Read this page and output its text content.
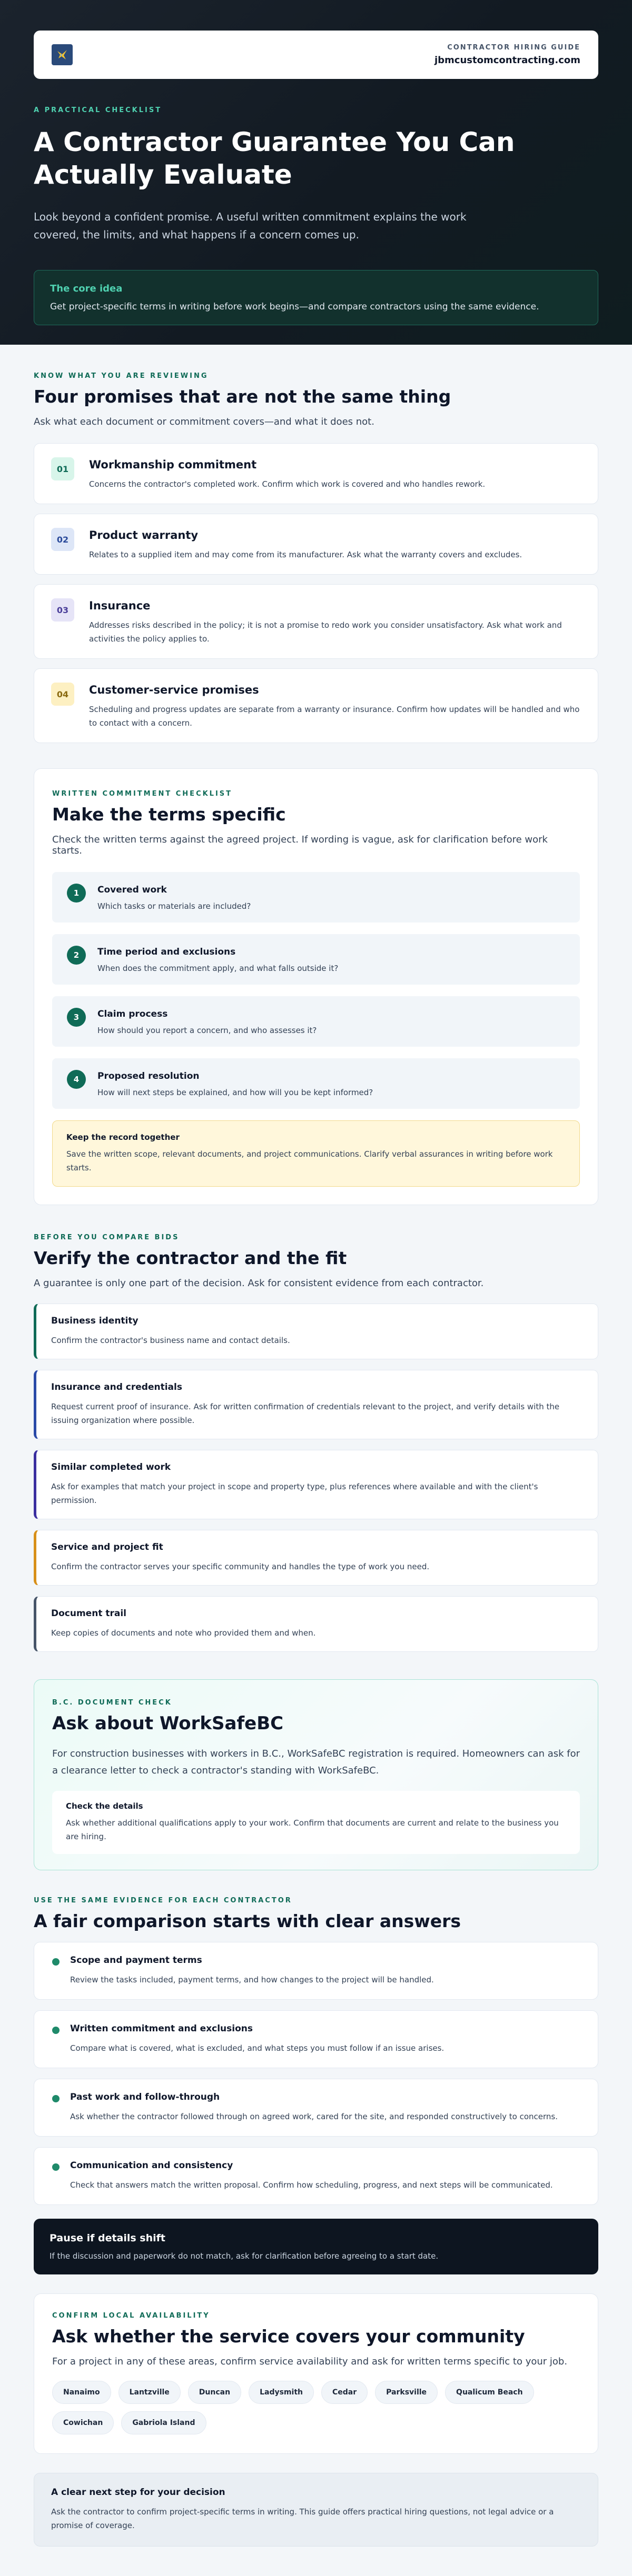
CONTRACTOR HIRING GUIDE
jbmcustomcontracting.com
A PRACTICAL CHECKLIST
A Contractor Guarantee You Can Actually Evaluate

Look beyond a confident promise. A useful written commitment explains the work covered, the limits, and what happens if a concern comes up.

The core idea
Get project-specific terms in writing before work begins—and compare contractors using the same evidence.
KNOW WHAT YOU ARE REVIEWING
Four promises that are not the same thing
Ask what each document or commitment covers—and what it does not.
01	Workmanship commitment

Concerns the contractor's completed work. Confirm which work is covered and who handles rework.

02	Product warranty

Relates to a supplied item and may come from its manufacturer. Ask what the warranty covers and excludes.

03	Insurance

Addresses risks described in the policy; it is not a promise to redo work you consider unsatisfactory. Ask what work and activities the policy applies to.

04	Customer-service promises

Scheduling and progress updates are separate from a warranty or insurance. Confirm how updates will be handled and who to contact with a concern.

WRITTEN COMMITMENT CHECKLIST
Make the terms specific
Check the written terms against the agreed project. If wording is vague, ask for clarification before work starts.
1	Covered work

Which tasks or materials are included?

2	Time period and exclusions

When does the commitment apply, and what falls outside it?

3	Claim process

How should you report a concern, and who assesses it?

4	Proposed resolution

How will next steps be explained, and how will you be kept informed?

Keep the record together

Save the written scope, relevant documents, and project communications. Clarify verbal assurances in writing before work starts.

BEFORE YOU COMPARE BIDS
Verify the contractor and the fit
A guarantee is only one part of the decision. Ask for consistent evidence from each contractor.
Business identity

Confirm the contractor's business name and contact details.

Insurance and credentials

Request current proof of insurance. Ask for written confirmation of credentials relevant to the project, and verify details with the issuing organization where possible.

Similar completed work

Ask for examples that match your project in scope and property type, plus references where available and with the client's permission.

Service and project fit

Confirm the contractor serves your specific community and handles the type of work you need.

Document trail

Keep copies of documents and note who provided them and when.

B.C. DOCUMENT CHECK
Ask about WorkSafeBC

For construction businesses with workers in B.C., WorkSafeBC registration is required. Homeowners can ask for a clearance letter to check a contractor's standing with WorkSafeBC.

Check the details

Ask whether additional qualifications apply to your work. Confirm that documents are current and relate to the business you are hiring.

USE THE SAME EVIDENCE FOR EACH CONTRACTOR
A fair comparison starts with clear answers
Scope and payment terms

Review the tasks included, payment terms, and how changes to the project will be handled.

Written commitment and exclusions

Compare what is covered, what is excluded, and what steps you must follow if an issue arises.

Past work and follow-through

Ask whether the contractor followed through on agreed work, cared for the site, and responded constructively to concerns.

Communication and consistency

Check that answers match the written proposal. Confirm how scheduling, progress, and next steps will be communicated.

Pause if details shift

If the discussion and paperwork do not match, ask for clarification before agreeing to a start date.

CONFIRM LOCAL AVAILABILITY
Ask whether the service covers your community
For a project in any of these areas, confirm service availability and ask for written terms specific to your job.
Nanaimo	Lantzville	Duncan	Ladysmith	Cedar	Parksville	Qualicum Beach
Cowichan	Gabriola Island
A clear next step for your decision

Ask the contractor to confirm project-specific terms in writing. This guide offers practical hiring questions, not legal advice or a promise of coverage.
